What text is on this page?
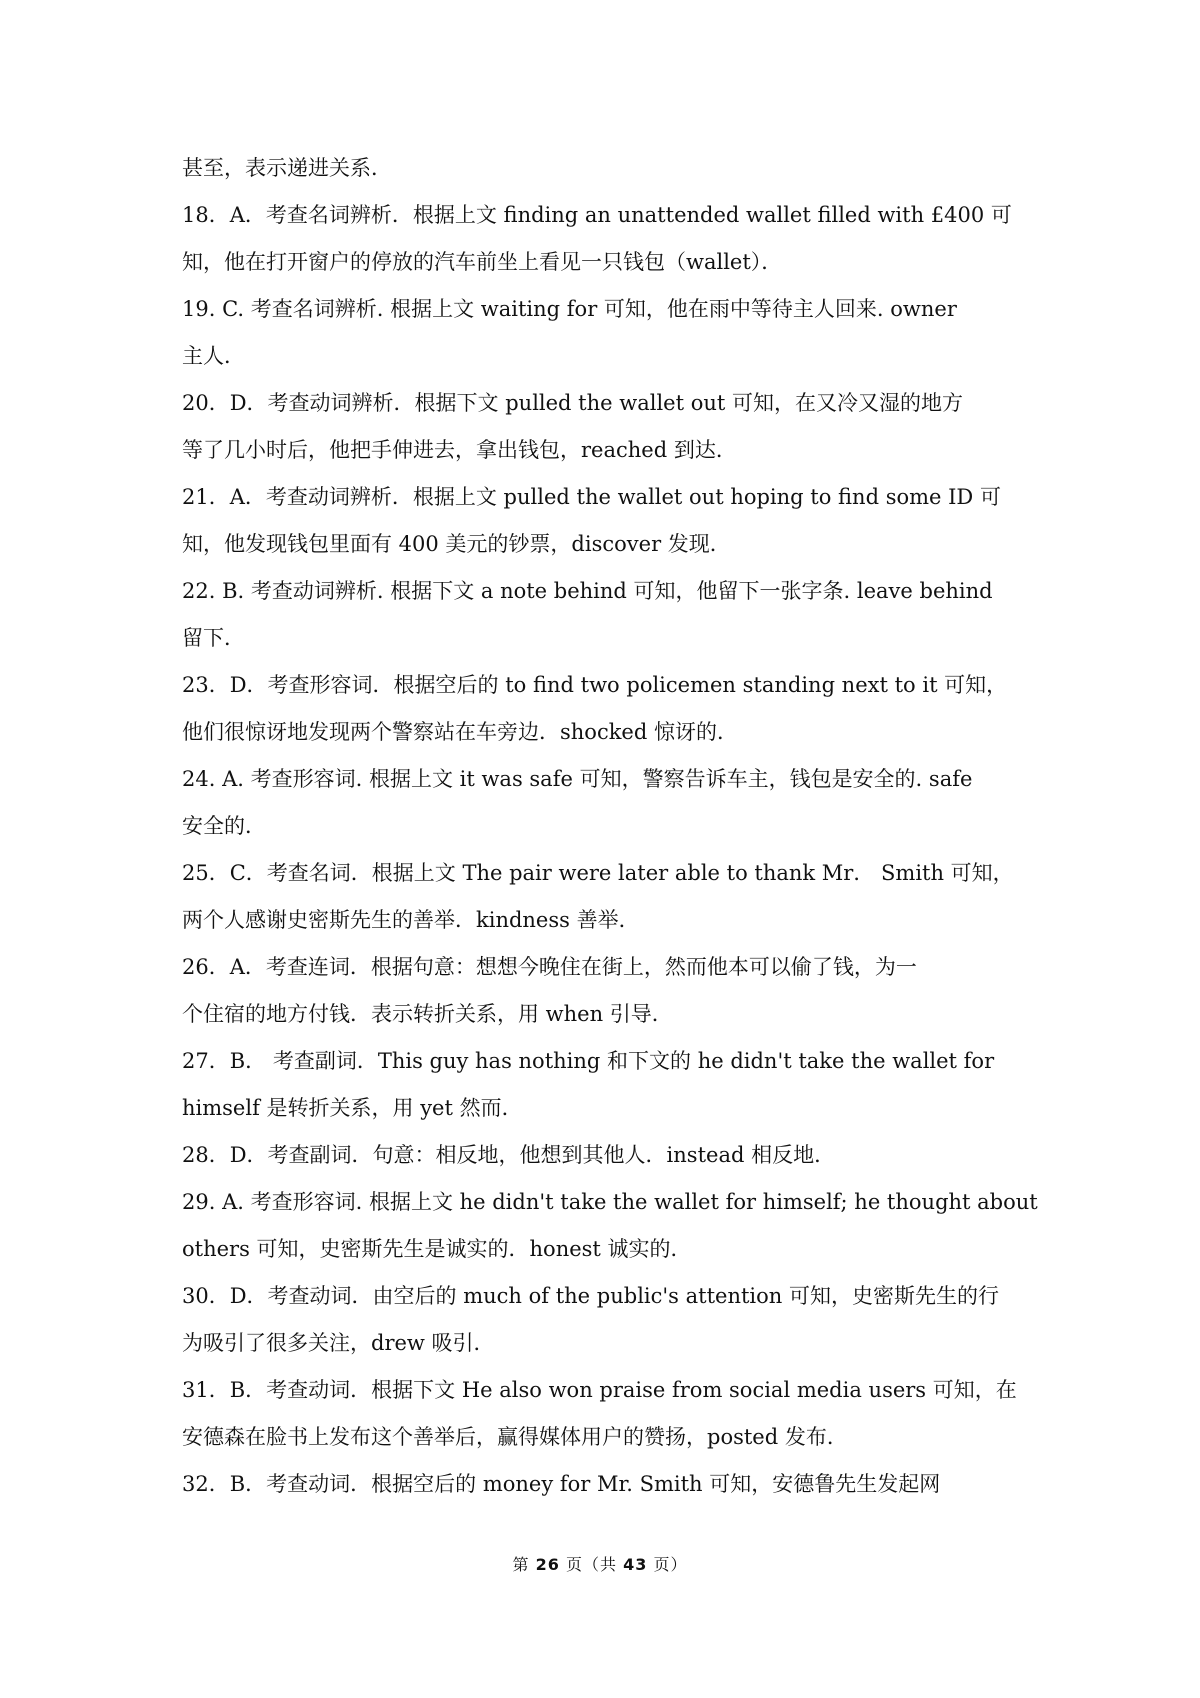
甚至，表示递进关系．
18．A．考查名词辨析．根据上文 finding an unattended wallet filled with £400 可
知，他在打开窗户的停放的汽车前坐上看见一只钱包（wallet）．
19. C. 考查名词辨析. 根据上文 waiting for 可知，他在雨中等待主人回来. owner
主人．
20．D．考查动词辨析．根据下文 pulled the wallet out 可知，在又冷又湿的地方
等了几小时后，他把手伸进去，拿出钱包，reached 到达．
21．A．考查动词辨析．根据上文 pulled the wallet out hoping to find some ID 可
知，他发现钱包里面有 400 美元的钞票，discover 发现．
22. B. 考查动词辨析. 根据下文 a note behind 可知，他留下一张字条. leave behind
留下．
23．D．考查形容词．根据空后的 to find two policemen standing next to it 可知，
他们很惊讶地发现两个警察站在车旁边．shocked 惊讶的．
24. A. 考查形容词. 根据上文 it was safe 可知，警察告诉车主，钱包是安全的. safe
安全的．
25．C．考查名词．根据上文 The pair were later able to thank Mr． Smith 可知，
两个人感谢史密斯先生的善举．kindness 善举．
26．A．考查连词．根据句意：想想今晚住在街上，然而他本可以偷了钱，为一
个住宿的地方付钱．表示转折关系，用 when 引导．
27．B． 考查副词．This guy has nothing 和下文的 he didn't take the wallet for
himself 是转折关系，用 yet 然而．
28．D．考查副词．句意：相反地，他想到其他人．instead 相反地．
29. A. 考查形容词. 根据上文 he didn't take the wallet for himself; he thought about
others 可知，史密斯先生是诚实的．honest 诚实的．
30．D．考查动词．由空后的 much of the public's attention 可知，史密斯先生的行
为吸引了很多关注，drew 吸引．
31．B．考查动词．根据下文 He also won praise from social media users 可知，在
安德森在脸书上发布这个善举后，赢得媒体用户的赞扬，posted 发布．
32．B．考查动词．根据空后的 money for Mr. Smith 可知，安德鲁先生发起网
第 26 页（共 43 页）
